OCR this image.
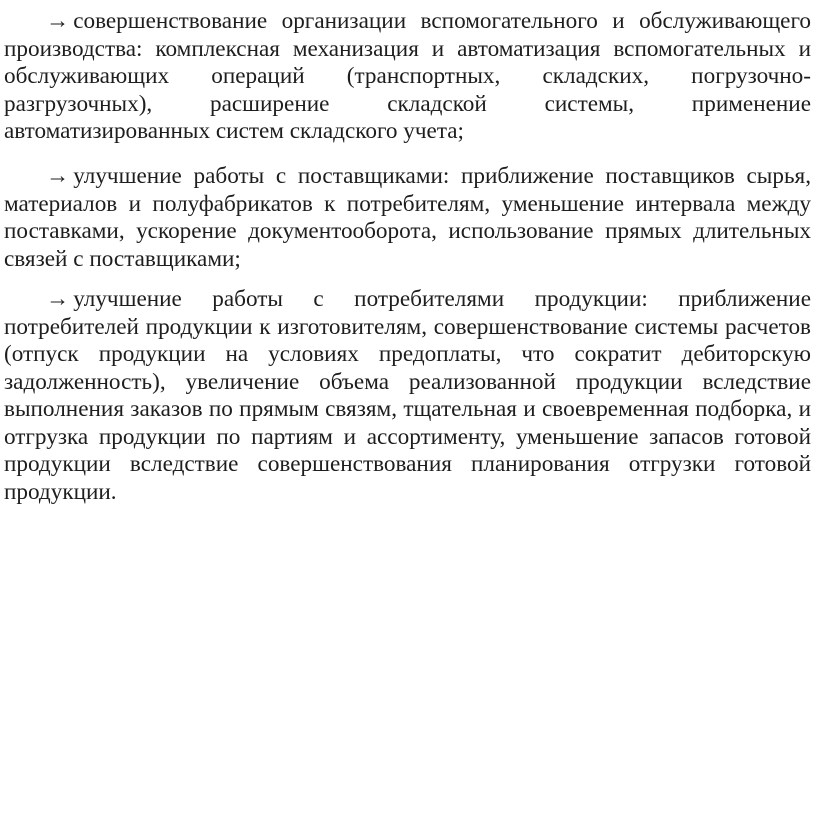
→ совершенствование организации вспомогательного и обслуживающего производства: комплексная механизация и автоматизация вспомогательных и обслуживающих операций (транспортных, складских, погрузочно-разгрузочных), расширение складской системы, применение автоматизированных систем складского учета;

→ улучшение работы с поставщиками: приближение поставщиков сырья, материалов и полуфабрикатов к потребителям, уменьшение интервала между поставками, ускорение документооборота, использование прямых длительных связей с поставщиками;

→ улучшение работы с потребителями продукции: приближение потребителей продукции к изготовителям, совершенствование системы расчетов (отпуск продукции на условиях предоплаты, что сократит дебиторскую задолженность), увеличение объема реализованной продукции вследствие выполнения заказов по прямым связям, тщательная и своевременная подборка, и отгрузка продукции по партиям и ассортименту, уменьшение запасов готовой продукции вследствие совершенствования планирования отгрузки готовой продукции.
